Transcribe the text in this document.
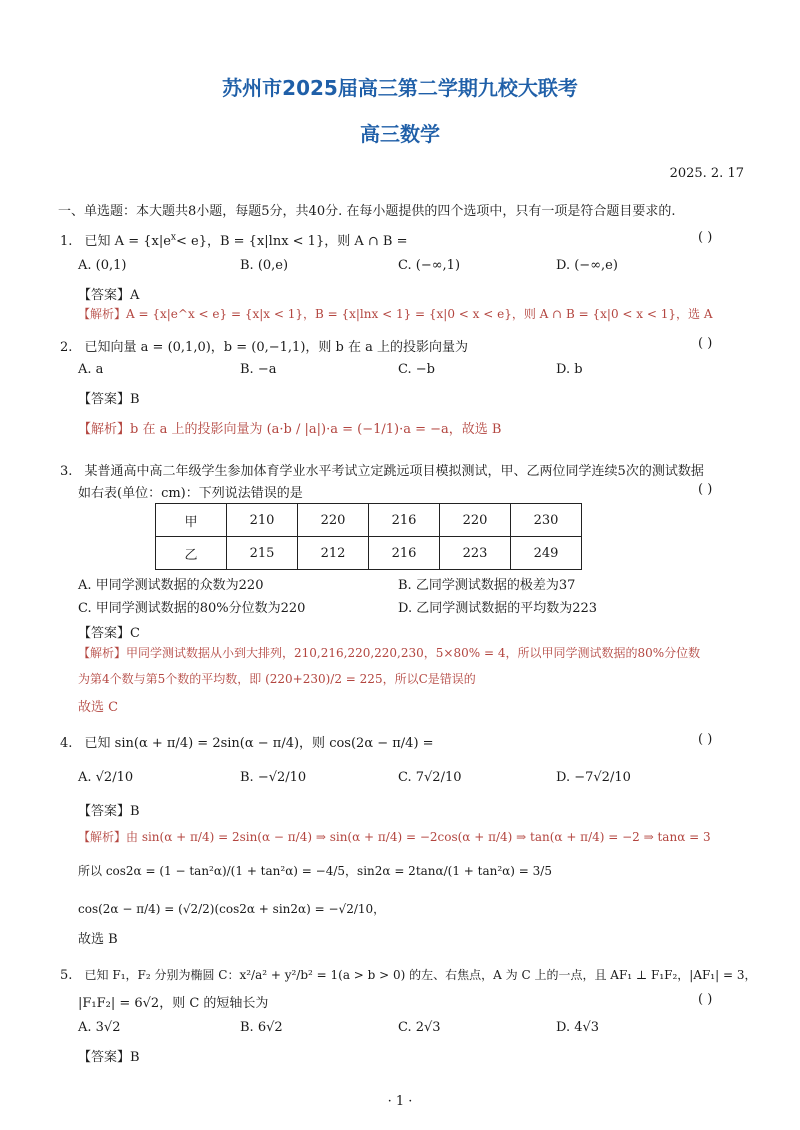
苏州市2025届高三第二学期九校大联考
高三数学
2025. 2. 17
一、单选题：本大题共8小题，每题5分，共40分. 在每小题提供的四个选项中，只有一项是符合题目要求的.
1. 已知 $A = \{x|e^x< e\}$，B = {x|lnx < 1}，则 A ∩ B =	( )
A. (0,1)	B. (0,e)	C. (−∞,1)	D. (−∞,e)
【答案】A
【解析】A = {x|e^x < e} = {x|x < 1}，B = {x|lnx < 1} = {x|0 < x < e}，则 A ∩ B = {x|0 < x < 1}，选 A
2. 已知向量 a = (0,1,0)，b = (0,−1,1)，则 b 在 a 上的投影向量为	( )
A. a	B. −a	C. −b	D. b
【答案】B
【解析】b 在 a 上的投影向量为 (a·b / |a|)·a = (−1/1)·a = −a，故选 B
3. 某普通高中高二年级学生参加体育学业水平考试立定跳远项目模拟测试，甲、乙两位同学连续5次的测试数据
如右表(单位：cm)：下列说法错误的是	( )
甲	210	220	216	220	230
乙	215	212	216	223	249
A. 甲同学测试数据的众数为220	B. 乙同学测试数据的极差为37
C. 甲同学测试数据的80%分位数为220	D. 乙同学测试数据的平均数为223
【答案】C
【解析】甲同学测试数据从小到大排列，210,216,220,220,230，5×80% = 4，所以甲同学测试数据的80%分位数
为第4个数与第5个数的平均数，即 (220+230)/2 = 225，所以C是错误的
故选 C
4. 已知 sin(α + π/4) = 2sin(α − π/4)，则 cos(2α − π/4) =	( )
A. √2/10	B. −√2/10	C. 7√2/10	D. −7√2/10
【答案】B
【解析】由 sin(α + π/4) = 2sin(α − π/4) ⇒ sin(α + π/4) = −2cos(α + π/4) ⇒ tan(α + π/4) = −2 ⇒ tanα = 3
所以 cos2α = (1 − tan²α)/(1 + tan²α) = −4/5，sin2α = 2tanα/(1 + tan²α) = 3/5
cos(2α − π/4) = (√2/2)(cos2α + sin2α) = −√2/10，
故选 B
5. 已知 F₁，F₂ 分别为椭圆 C：x²/a² + y²/b² = 1(a > b > 0) 的左、右焦点，A 为 C 上的一点，且 AF₁ ⊥ F₁F₂，|AF₁| = 3，
|F₁F₂| = 6√2，则 C 的短轴长为	( )
A. 3√2	B. 6√2	C. 2√3	D. 4√3
【答案】B
· 1 ·
